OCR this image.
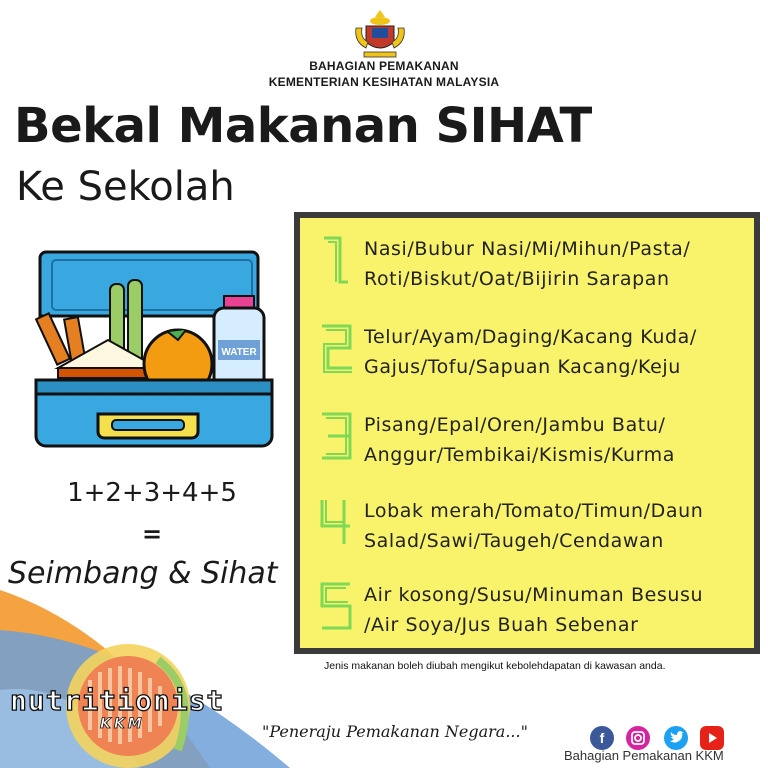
BAHAGIAN PEMAKANAN
KEMENTERIAN KESIHATAN MALAYSIA
Bekal Makanan SIHAT
Ke Sekolah
WATER
1+2+3+4+5
=
Seimbang & Sihat
Nasi/Bubur Nasi/Mi/Mihun/Pasta/
Roti/Biskut/Oat/Bijirin Sarapan
Telur/Ayam/Daging/Kacang Kuda/
Gajus/Tofu/Sapuan Kacang/Keju
Pisang/Epal/Oren/Jambu Batu/
Anggur/Tembikai/Kismis/Kurma
Lobak merah/Tomato/Timun/Daun
Salad/Sawi/Taugeh/Cendawan
Air kosong/Susu/Minuman Besusu
/Air Soya/Jus Buah Sebenar
Jenis makanan boleh diubah mengikut kebolehdapatan di kawasan anda.
nutritionist
KKM	"Peneraju Pemakanan Negara..."	f
Bahagian Pemakanan KKM
